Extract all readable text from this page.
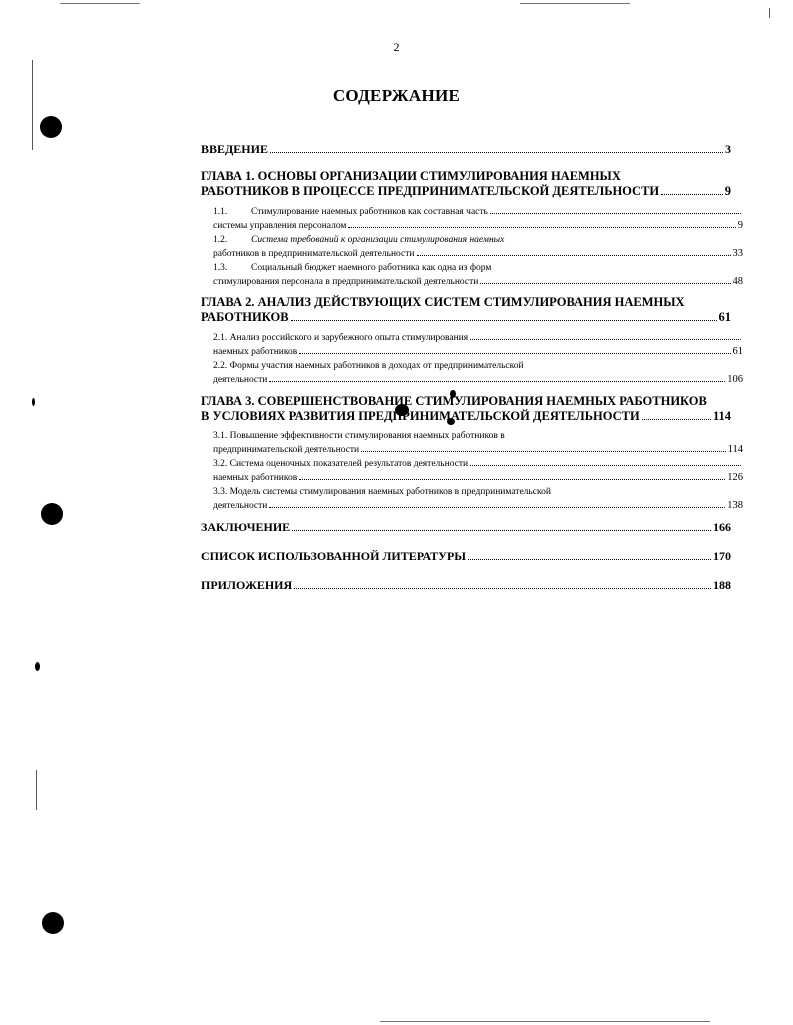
2
СОДЕРЖАНИЕ
ВВЕДЕНИЕ	3
ГЛАВА 1. ОСНОВЫ ОРГАНИЗАЦИИ СТИМУЛИРОВАНИЯ НАЕМНЫХ
РАБОТНИКОВ В ПРОЦЕССЕ ПРЕДПРИНИМАТЕЛЬСКОЙ ДЕЯТЕЛЬНОСТИ	9
1.1.	Стимулирование наемных работников как составная часть
системы управления персоналом	9
1.2.	Система требований к организации стимулирования наемных
работников в предпринимательской деятельности	33
1.3.	Социальный бюджет наемного работника как одна из форм
стимулирования персонала в предпринимательской деятельности	48
ГЛАВА 2. АНАЛИЗ ДЕЙСТВУЮЩИХ СИСТЕМ СТИМУЛИРОВАНИЯ НАЕМНЫХ
РАБОТНИКОВ	61
2.1. Анализ российского и зарубежного опыта стимулирования
наемных работников	61
2.2. Формы участия наемных работников в доходах от предпринимательской
деятельности	106
ГЛАВА 3. СОВЕРШЕНСТВОВАНИЕ СТИМУЛИРОВАНИЯ НАЕМНЫХ РАБОТНИКОВ
В УСЛОВИЯХ РАЗВИТИЯ ПРЕДПРИНИМАТЕЛЬСКОЙ ДЕЯТЕЛЬНОСТИ	114
3.1. Повышение эффективности стимулирования наемных работников в
предпринимательской деятельности	114
3.2. Система оценочных показателей результатов деятельности
наемных работников	126
3.3. Модель системы стимулирования наемных работников в предпринимательской
деятельности	138
ЗАКЛЮЧЕНИЕ	166
СПИСОК ИСПОЛЬЗОВАННОЙ ЛИТЕРАТУРЫ	170
ПРИЛОЖЕНИЯ	188
